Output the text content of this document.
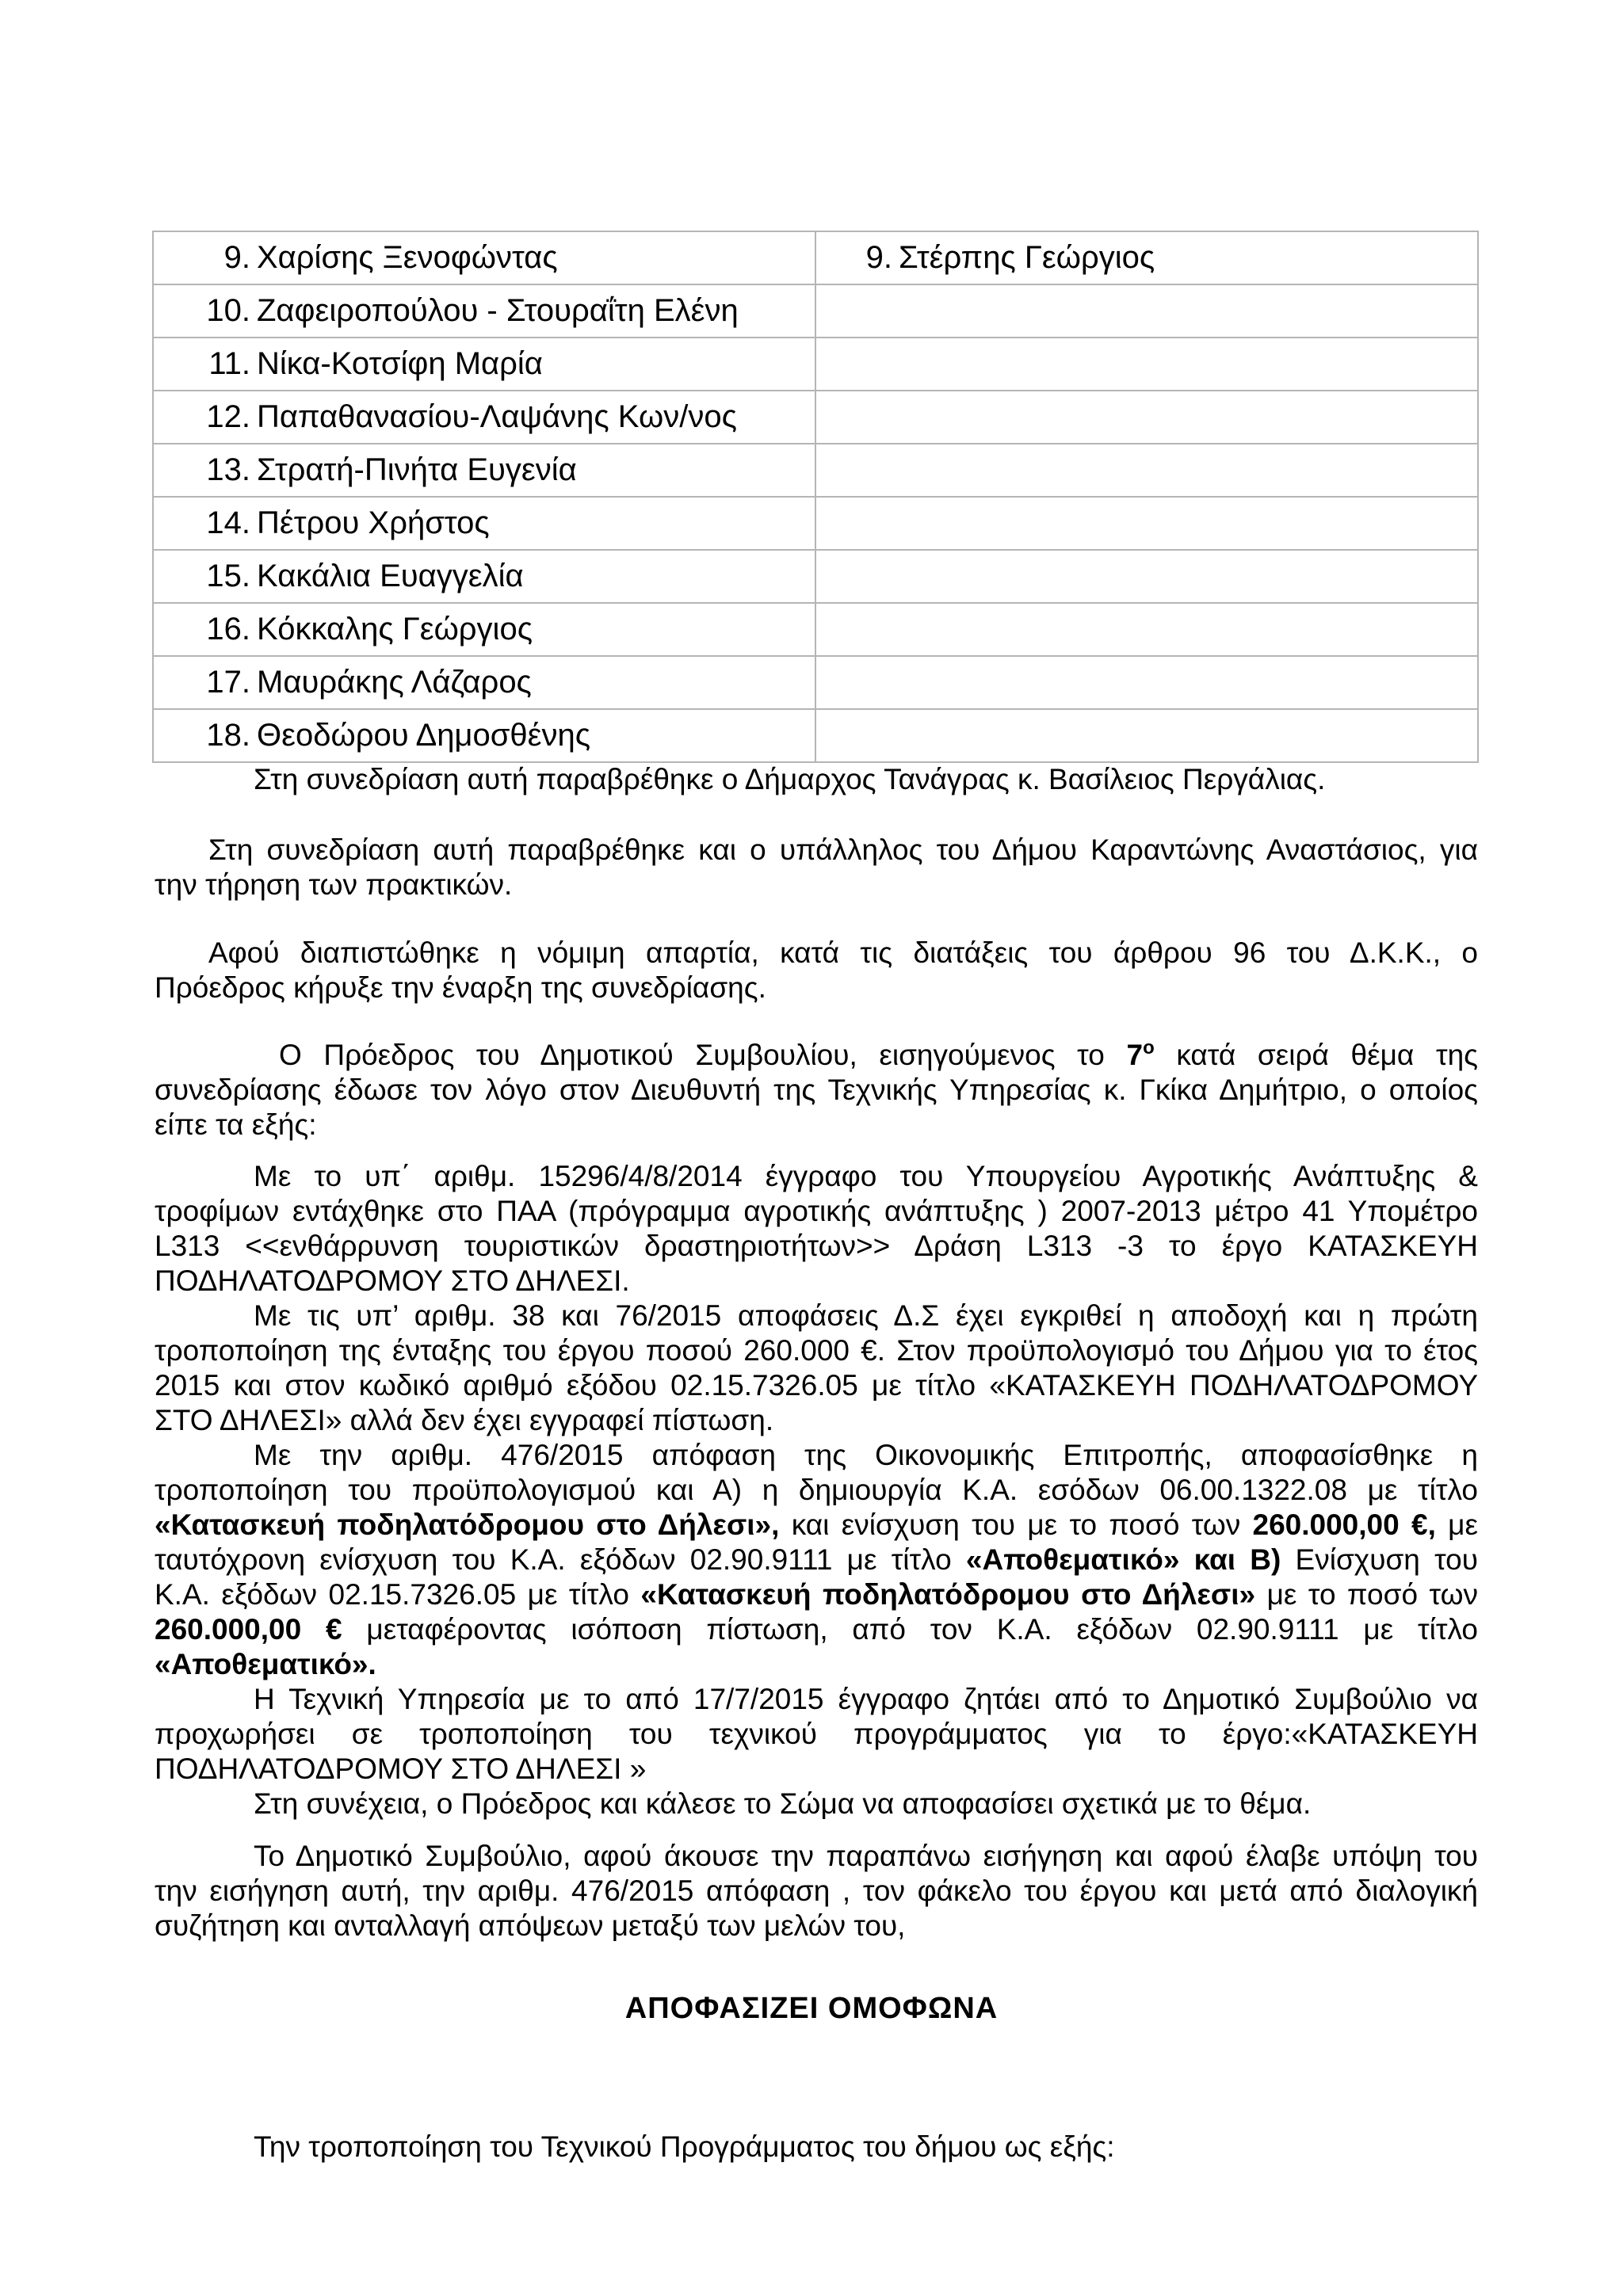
9. Χαρίσης Ξενοφώντας	9. Στέρπης Γεώργιος

10. Ζαφειροπούλου - Στουραΐτη Ελένη	

11. Νίκα-Κοτσίφη Μαρία	

12. Παπαθανασίου-Λαψάνης Κων/νος	

13. Στρατή-Πινήτα Ευγενία	

14. Πέτρου Χρήστος	

15. Κακάλια Ευαγγελία	

16. Κόκκαλης Γεώργιος	

17. Μαυράκης Λάζαρος	

18. Θεοδώρου Δημοσθένης	

Στη συνεδρίαση αυτή παραβρέθηκε ο Δήμαρχος Τανάγρας κ. Βασίλειος Περγάλιας.
Στη συνεδρίαση αυτή παραβρέθηκε και ο υπάλληλος του Δήμου Καραντώνης Αναστάσιος, για
την τήρηση των πρακτικών.
Αφού διαπιστώθηκε η νόμιμη απαρτία, κατά τις διατάξεις του άρθρου 96 του Δ.Κ.Κ., ο
Πρόεδρος κήρυξε την έναρξη της συνεδρίασης.
Ο Πρόεδρος του Δημοτικού Συμβουλίου, εισηγούμενος το $7^o$ κατά σειρά θέμα της
συνεδρίασης έδωσε τον λόγο στον Διευθυντή της Τεχνικής Υπηρεσίας κ. Γκίκα Δημήτριο, ο οποίος
είπε τα εξής:
Με το υπ΄ αριθμ. 15296/4/8/2014 έγγραφο του Υπουργείου Αγροτικής Ανάπτυξης &
τροφίμων εντάχθηκε στο ΠΑΑ (πρόγραμμα αγροτικής ανάπτυξης ) 2007-2013 μέτρο 41 Υπομέτρο
L313 <<ενθάρρυνση τουριστικών δραστηριοτήτων>> Δράση L313 -3 το έργο ΚΑΤΑΣΚΕΥΗ
ΠΟΔΗΛΑΤΟΔΡΟΜΟΥ ΣΤΟ ΔΗΛΕΣΙ.
Με τις υπ’ αριθμ. 38 και 76/2015 αποφάσεις Δ.Σ έχει εγκριθεί η αποδοχή και η πρώτη
τροποποίηση της ένταξης του έργου ποσού 260.000 €. Στον προϋπολογισμό του Δήμου για το έτος
2015 και στον κωδικό αριθμό εξόδου 02.15.7326.05 με τίτλο «ΚΑΤΑΣΚΕΥΗ ΠΟΔΗΛΑΤΟΔΡΟΜΟΥ
ΣΤΟ ΔΗΛΕΣΙ» αλλά δεν έχει εγγραφεί πίστωση.
Με την αριθμ. 476/2015 απόφαση της Οικονομικής Επιτροπής, αποφασίσθηκε η
τροποποίηση του προϋπολογισμού και Α) η δημιουργία Κ.Α. εσόδων 06.00.1322.08 με τίτλο
«Κατασκευή ποδηλατόδρομου στο Δήλεσι», και ενίσχυση του με το ποσό των 260.000,00 €, με
ταυτόχρονη ενίσχυση του Κ.Α. εξόδων 02.90.9111 με τίτλο «Αποθεματικό» και Β) Ενίσχυση του
Κ.Α. εξόδων 02.15.7326.05 με τίτλο «Κατασκευή ποδηλατόδρομου στο Δήλεσι» με το ποσό των
260.000,00 € μεταφέροντας ισόποση πίστωση, από τον Κ.Α. εξόδων 02.90.9111 με τίτλο
«Αποθεματικό».
Η Τεχνική Υπηρεσία με το από 17/7/2015 έγγραφο ζητάει από το Δημοτικό Συμβούλιο να
προχωρήσει σε τροποποίηση του τεχνικού προγράμματος για το έργο:«ΚΑΤΑΣΚΕΥΗ
ΠΟΔΗΛΑΤΟΔΡΟΜΟΥ ΣΤΟ ΔΗΛΕΣΙ »
Στη συνέχεια, ο Πρόεδρος και κάλεσε το Σώμα να αποφασίσει σχετικά με το θέμα.
Το Δημοτικό Συμβούλιο, αφού άκουσε την παραπάνω εισήγηση και αφού έλαβε υπόψη του
την εισήγηση αυτή, την αριθμ. 476/2015 απόφαση , τον φάκελο του έργου και μετά από διαλογική
συζήτηση και ανταλλαγή απόψεων μεταξύ των μελών του,
ΑΠΟΦΑΣΙΖΕΙ ΟΜΟΦΩΝΑ
Την τροποποίηση του Τεχνικού Προγράμματος του δήμου ως εξής:
